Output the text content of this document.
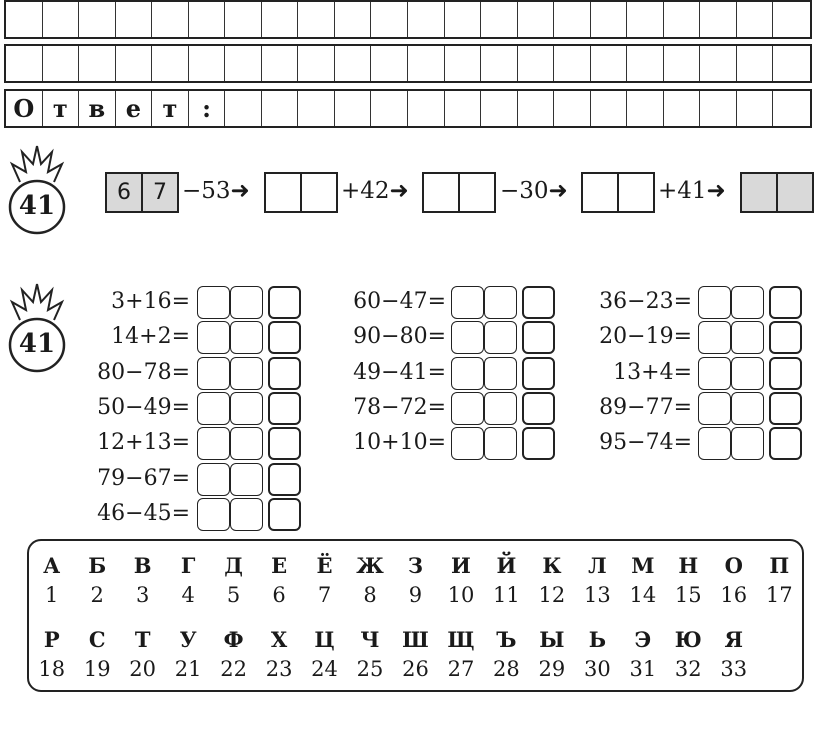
О т в е т	:
41	6	7 −53➜	+42➜	−30➜	+41➜
41
3+16=
14+2=
80−78=
50−49=
12+13=
79−67=
46−45=
60−47=
90−80=
49−41=
78−72=
10+10=
36−23=
20−19=
13+4=
89−77=
95−74=
А	Б	В	Г	Д	Е	Ё	Ж	З	И	Й	К	Л	М	Н	О	П
1	2	3	4	5	6	7	8	9	10 11 12 13 14 15 16 17
Р	С	Т	У	Ф	Х	Ц	Ч	Ш Щ	Ъ	Ы	Ь	Э	Ю	Я
18 19 20 21 22 23 24 25 26 27 28 29 30 31 32 33
